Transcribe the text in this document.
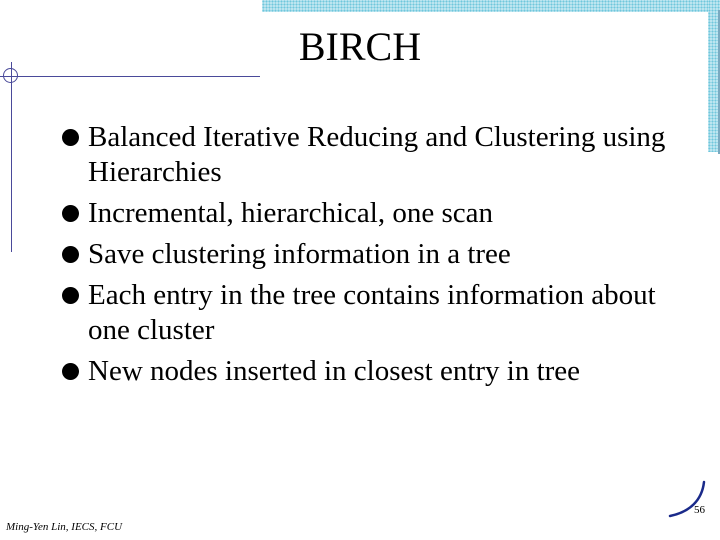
BIRCH
Balanced Iterative Reducing and Clustering using Hierarchies
Incremental, hierarchical, one scan
Save clustering information in a tree
Each entry in the tree contains information about one cluster
New nodes inserted in closest entry in tree
56
Ming-Yen Lin, IECS, FCU
